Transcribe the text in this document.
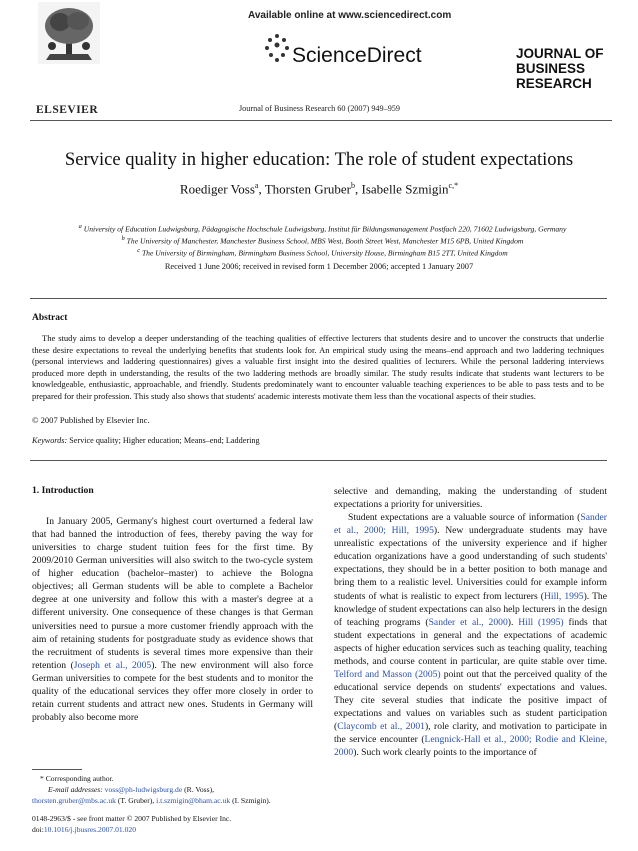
ELSEVIER
Available online at www.sciencedirect.com
ScienceDirect
Journal of Business Research 60 (2007) 949–959
JOURNAL OF
BUSINESS
RESEARCH
Service quality in higher education: The role of student expectations
Roediger Voss$^a$, Thorsten Gruber$^b$, Isabelle Szmigin$^{c,*}$
$^a$ University of Education Ludwigsburg, Pädagogische Hochschule Ludwigsburg, Institut für Bildungsmanagement Postfach 220, 71602 Ludwigsburg, Germany
$^b$ The University of Manchester, Manchester Business School, MBS West, Booth Street West, Manchester M15 6PB, United Kingdom
$^c$ The University of Birmingham, Birmingham Business School, University House, Birmingham B15 2TT, United Kingdom
Received 1 June 2006; received in revised form 1 December 2006; accepted 1 January 2007
Abstract
The study aims to develop a deeper understanding of the teaching qualities of effective lecturers that students desire and to uncover the constructs that underlie these desire expectations to reveal the underlying benefits that students look for. An empirical study using the means–end approach and two laddering techniques (personal interviews and laddering questionnaires) gives a valuable first insight into the desired qualities of lecturers. While the personal laddering interviews produced more depth in understanding, the results of the two laddering methods are broadly similar. The study results indicate that students want lecturers to be knowledgeable, enthusiastic, approachable, and friendly. Students predominately want to encounter valuable teaching experiences to be able to pass tests and to be prepared for their profession. This study also shows that students' academic interests motivate them less than the vocational aspects of their studies.
© 2007 Published by Elsevier Inc.
Keywords: Service quality; Higher education; Means–end; Laddering
1. Introduction
In January 2005, Germany's highest court overturned a federal law that had banned the introduction of fees, thereby paving the way for universities to charge student tuition fees for the first time. By 2009/2010 German universities will also switch to the two-cycle system of higher education (bachelor–master) to achieve the Bologna objectives; all German students will be able to complete a Bachelor degree at one university and follow this with a master's degree at a different university. One consequence of these changes is that German universities need to pursue a more customer friendly approach with the aim of retaining students for postgraduate study as evidence shows that the recruitment of students is several times more expensive than their retention (Joseph et al., 2005). The new environment will also force German universities to compete for the best students and to monitor the quality of the educational services they offer more closely in order to retain current students and attract new ones. Students in Germany will probably also become more
selective and demanding, making the understanding of student expectations a priority for universities.
Student expectations are a valuable source of information (Sander et al., 2000; Hill, 1995). New undergraduate students may have unrealistic expectations of the university experience and if higher education organizations have a good understanding of such students' expectations, they should be in a better position to both manage and bring them to a realistic level. Universities could for example inform students of what is realistic to expect from lecturers (Hill, 1995). The knowledge of student expectations can also help lecturers in the design of teaching programs (Sander et al., 2000). Hill (1995) finds that student expectations in general and the expectations of academic aspects of higher education services such as teaching quality, teaching methods, and course content in particular, are quite stable over time. Telford and Masson (2005) point out that the perceived quality of the educational service depends on students' expectations and values. They cite several studies that indicate the positive impact of expectations and values on variables such as student participation (Claycomb et al., 2001), role clarity, and motivation to participate in the service encounter (Lengnick-Hall et al., 2000; Rodie and Kleine, 2000). Such work clearly points to the importance of
* Corresponding author.
E-mail addresses: voss@ph-ludwigsburg.de (R. Voss),
thorsten.gruber@mbs.ac.uk (T. Gruber), i.t.szmigin@bham.ac.uk (I. Szmigin).
0148-2963/$ - see front matter © 2007 Published by Elsevier Inc.
doi:10.1016/j.jbusres.2007.01.020
